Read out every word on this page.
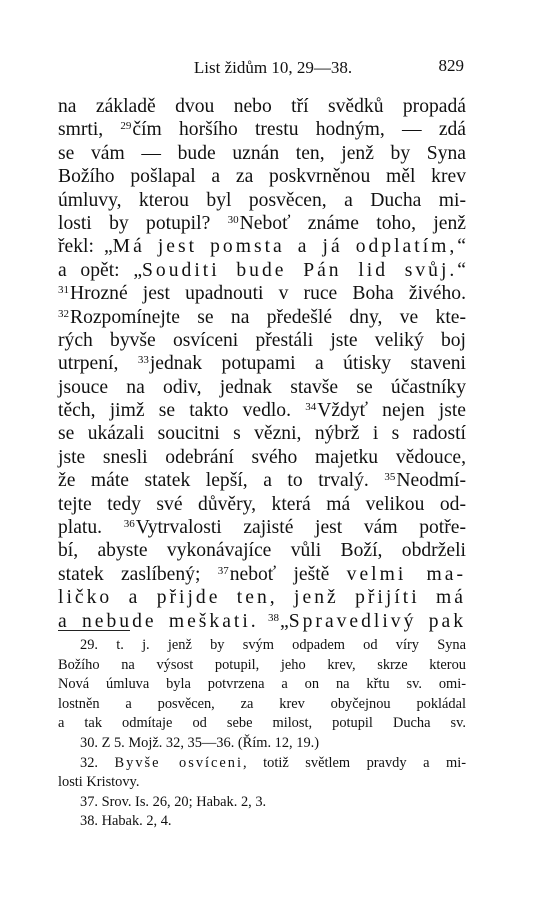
List židům 10, 29—38.	829
na základě dvou nebo tří svědků propadá
smrti, $^{29}$čím horšího trestu hodným, — zdá
se vám — bude uznán ten, jenž by Syna
Božího pošlapal a za poskvrněnou měl krev
úmluvy, kterou byl posvěcen, a Ducha mi-
losti by potupil? $^{30}$Neboť známe toho, jenž
řekl: „Má jest pomsta a já odplatím,“
a opět: „Souditi bude Pán lid svůj.“
$^{31}$Hrozné jest upadnouti v ruce Boha živého.
$^{32}$Rozpomínejte se na předešlé dny, ve kte-
rých byvše osvíceni přestáli jste veliký boj
utrpení, $^{33}$jednak potupami a útisky staveni
jsouce na odiv, jednak stavše se účastníky
těch, jimž se takto vedlo. $^{34}$Vždyť nejen jste
se ukázali soucitni s vězni, nýbrž i s radostí
jste snesli odebrání svého majetku vědouce,
že máte statek lepší, a to trvalý. $^{35}$Neodmí-
tejte tedy své důvěry, která má velikou od-
platu. $^{36}$Vytrvalosti zajisté jest vám potře-
bí, abyste vykonávajíce vůli Boží, obdrželi
statek zaslíbený; $^{37}$neboť ještě velmi ma-
ličko a přijde ten, jenž přijíti má
a nebude meškati. $^{38}$„Spravedlivý pak
29. t. j. jenž by svým odpadem od víry Syna
Božího na výsost potupil, jeho krev, skrze kterou
Nová úmluva byla potvrzena a on na křtu sv. omi-
lostněn a posvěcen, za krev obyčejnou pokládal
a tak odmítaje od sebe milost, potupil Ducha sv.
30. Z 5. Mojž. 32, 35—36. (Řím. 12, 19.)
32. Byvše osvíceni, totiž světlem pravdy a mi-
losti Kristovy.
37. Srov. Is. 26, 20; Habak. 2, 3.
38. Habak. 2, 4.
